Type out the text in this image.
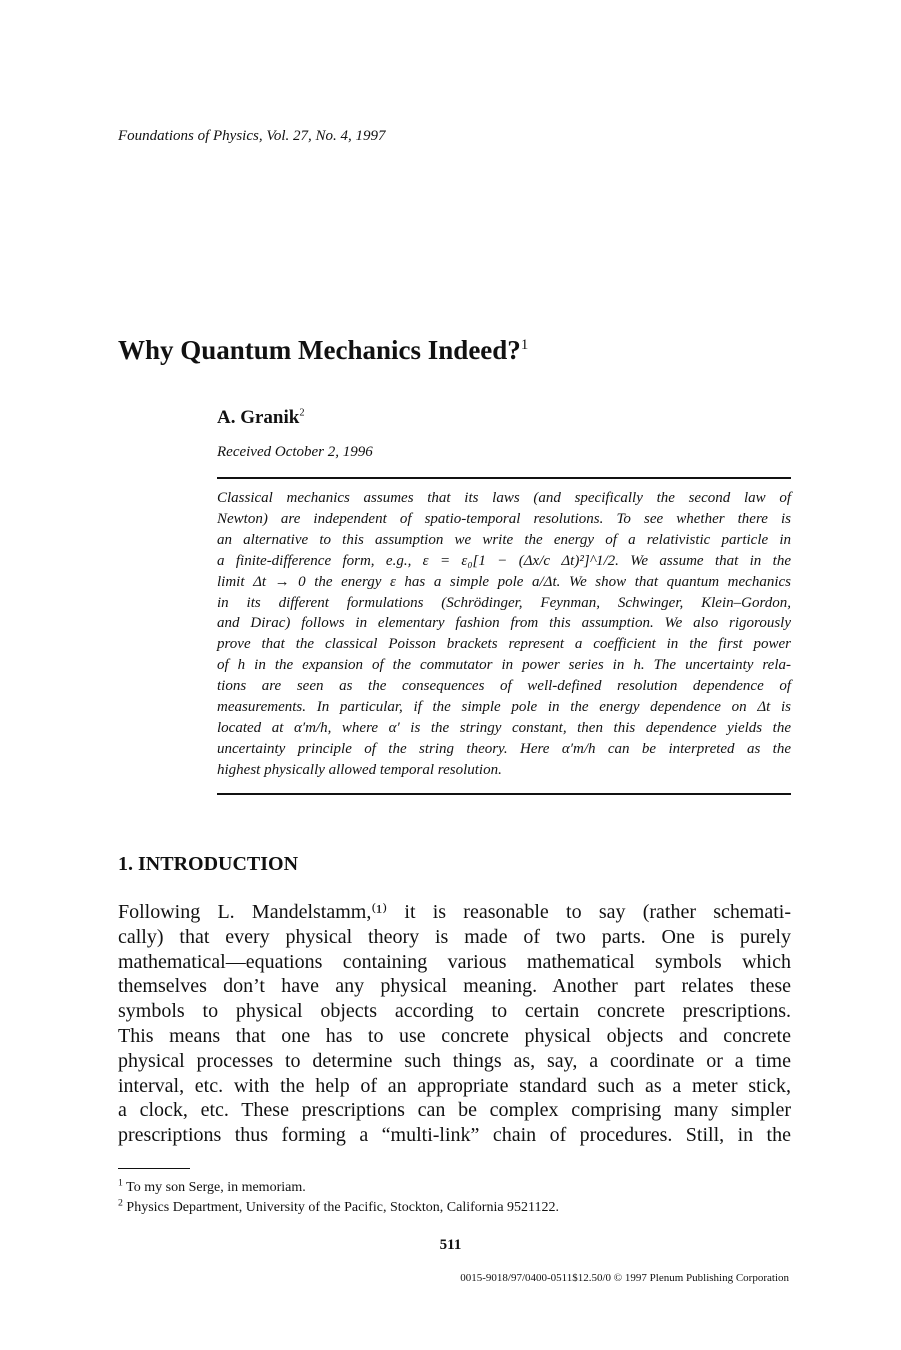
Foundations of Physics, Vol. 27, No. 4, 1997
Why Quantum Mechanics Indeed?$^1$
A. Granik$^2$
Received October 2, 1996
Classical mechanics assumes that its laws (and specifically the second law of
Newton) are independent of spatio-temporal resolutions. To see whether there is
an alternative to this assumption we write the energy of a relativistic particle in
a finite-difference form, e.g., ε = ε₀[1 − (Δx/c Δt)²]^1/2. We assume that in the
limit Δt → 0 the energy ε has a simple pole a/Δt. We show that quantum mechanics
in its different formulations (Schrödinger, Feynman, Schwinger, Klein–Gordon,
and Dirac) follows in elementary fashion from this assumption. We also rigorously
prove that the classical Poisson brackets represent a coefficient in the first power
of h in the expansion of the commutator in power series in h. The uncertainty rela-
tions are seen as the consequences of well-defined resolution dependence of
measurements. In particular, if the simple pole in the energy dependence on Δt is
located at α′m/h, where α′ is the stringy constant, then this dependence yields the
uncertainty principle of the string theory. Here α′m/h can be interpreted as the
highest physically allowed temporal resolution.
1. INTRODUCTION
Following L. Mandelstamm,⁽¹⁾ it is reasonable to say (rather schemati-
cally) that every physical theory is made of two parts. One is purely
mathematical—equations containing various mathematical symbols which
themselves don’t have any physical meaning. Another part relates these
symbols to physical objects according to certain concrete prescriptions.
This means that one has to use concrete physical objects and concrete
physical processes to determine such things as, say, a coordinate or a time
interval, etc. with the help of an appropriate standard such as a meter stick,
a clock, etc. These prescriptions can be complex comprising many simpler
prescriptions thus forming a “multi-link” chain of procedures. Still, in the
$^1$ To my son Serge, in memoriam.
$^2$ Physics Department, University of the Pacific, Stockton, California 9521122.
511
0015-9018/97/0400-0511$12.50/0 © 1997 Plenum Publishing Corporation
